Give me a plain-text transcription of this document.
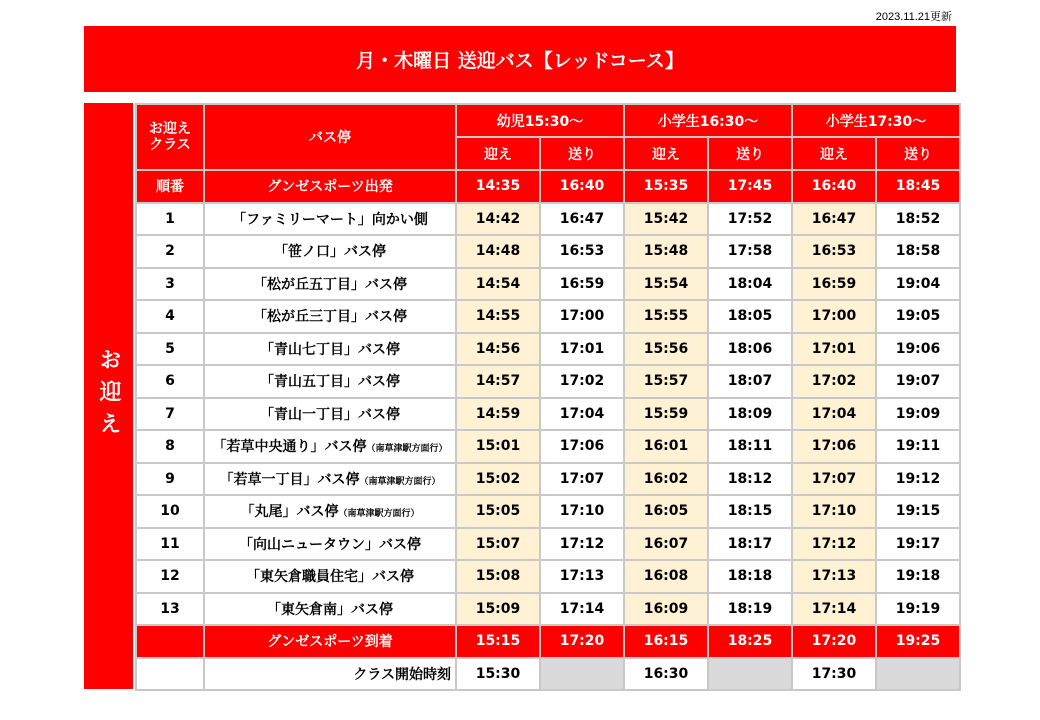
2023.11.21更新
月・木曜日 送迎バス【レッドコース】
お迎え
お迎え
クラス	バス停	幼児15:30～		小学生16:30～		小学生17:30～	
		迎え	送り	迎え	送り	迎え	送り
順番	グンゼスポーツ出発	14:35	16:40	15:35	17:45	16:40	18:45
1	「ファミリーマート」向かい側	14:42	16:47	15:42	17:52	16:47	18:52
2	「笹ノ口」バス停	14:48	16:53	15:48	17:58	16:53	18:58
3	「松が丘五丁目」バス停	14:54	16:59	15:54	18:04	16:59	19:04
4	「松が丘三丁目」バス停	14:55	17:00	15:55	18:05	17:00	19:05
5	「青山七丁目」バス停	14:56	17:01	15:56	18:06	17:01	19:06
6	「青山五丁目」バス停	14:57	17:02	15:57	18:07	17:02	19:07
7	「青山一丁目」バス停	14:59	17:04	15:59	18:09	17:04	19:09
8	「若草中央通り」バス停（南草津駅方面行）	15:01	17:06	16:01	18:11	17:06	19:11
9	「若草一丁目」バス停（南草津駅方面行）	15:02	17:07	16:02	18:12	17:07	19:12
10	「丸尾」バス停（南草津駅方面行）	15:05	17:10	16:05	18:15	17:10	19:15
11	「向山ニュータウン」バス停	15:07	17:12	16:07	18:17	17:12	19:17
12	「東矢倉職員住宅」バス停	15:08	17:13	16:08	18:18	17:13	19:18
13	「東矢倉南」バス停	15:09	17:14	16:09	18:19	17:14	19:19
	グンゼスポーツ到着	15:15	17:20	16:15	18:25	17:20	19:25
	クラス開始時刻	15:30		16:30		17:30	
